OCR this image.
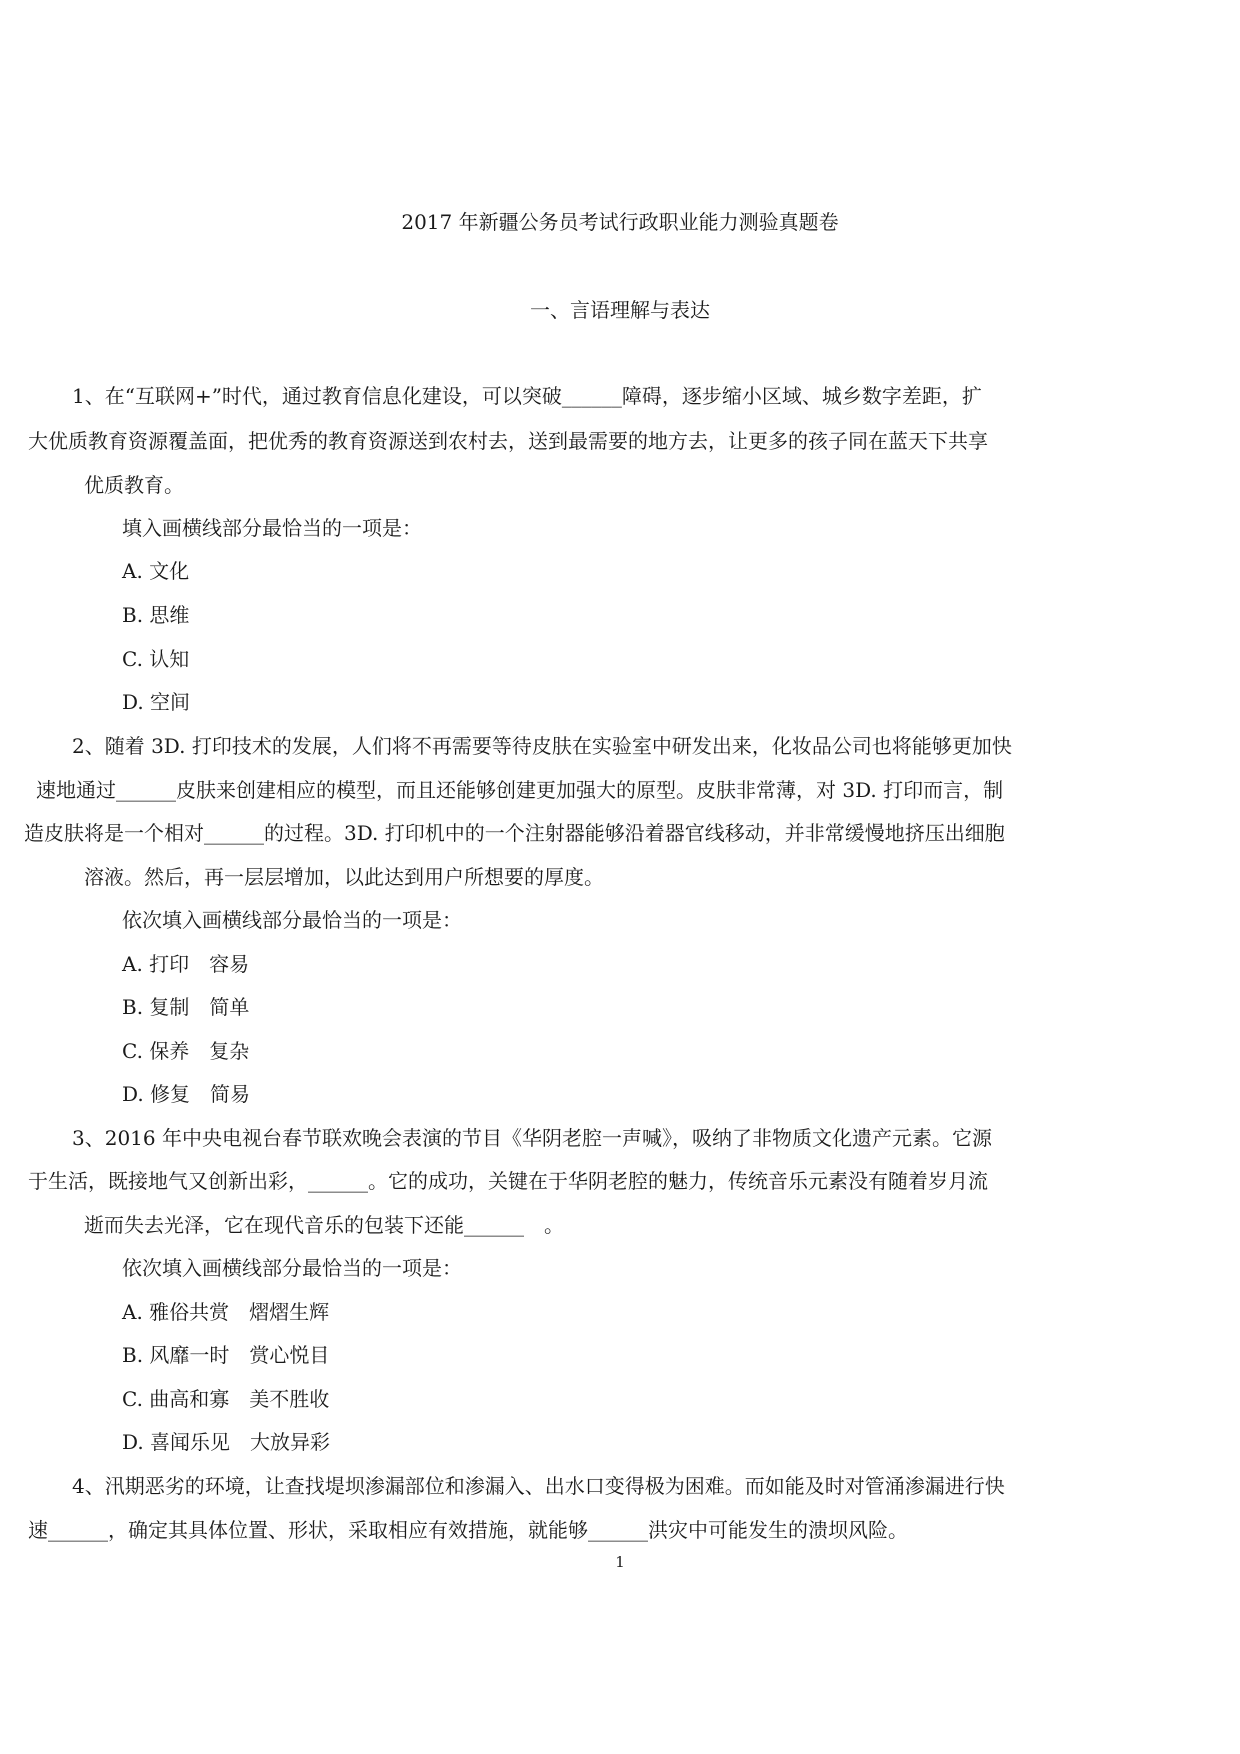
2017 年新疆公务员考试行政职业能力测验真题卷
一、言语理解与表达
1、在“互联网+”时代，通过教育信息化建设，可以突破______障碍，逐步缩小区域、城乡数字差距，扩
大优质教育资源覆盖面，把优秀的教育资源送到农村去，送到最需要的地方去，让更多的孩子同在蓝天下共享
优质教育。
填入画横线部分最恰当的一项是：
A. 文化
B. 思维
C. 认知
D. 空间
2、随着 3D. 打印技术的发展，人们将不再需要等待皮肤在实验室中研发出来，化妆品公司也将能够更加快
速地通过______皮肤来创建相应的模型，而且还能够创建更加强大的原型。皮肤非常薄，对 3D. 打印而言，制
造皮肤将是一个相对______的过程。3D. 打印机中的一个注射器能够沿着器官线移动，并非常缓慢地挤压出细胞
溶液。然后，再一层层增加，以此达到用户所想要的厚度。
依次填入画横线部分最恰当的一项是：
A. 打印　容易
B. 复制　简单
C. 保养　复杂
D. 修复　简易
3、2016 年中央电视台春节联欢晚会表演的节目《华阴老腔一声喊》，吸纳了非物质文化遗产元素。它源
于生活，既接地气又创新出彩，______。它的成功，关键在于华阴老腔的魅力，传统音乐元素没有随着岁月流
逝而失去光泽，它在现代音乐的包装下还能______　。
依次填入画横线部分最恰当的一项是：
A. 雅俗共赏　熠熠生辉
B. 风靡一时　赏心悦目
C. 曲高和寡　美不胜收
D. 喜闻乐见　大放异彩
4、汛期恶劣的环境，让查找堤坝渗漏部位和渗漏入、出水口变得极为困难。而如能及时对管涌渗漏进行快
速______，确定其具体位置、形状，采取相应有效措施，就能够______洪灾中可能发生的溃坝风险。
1
